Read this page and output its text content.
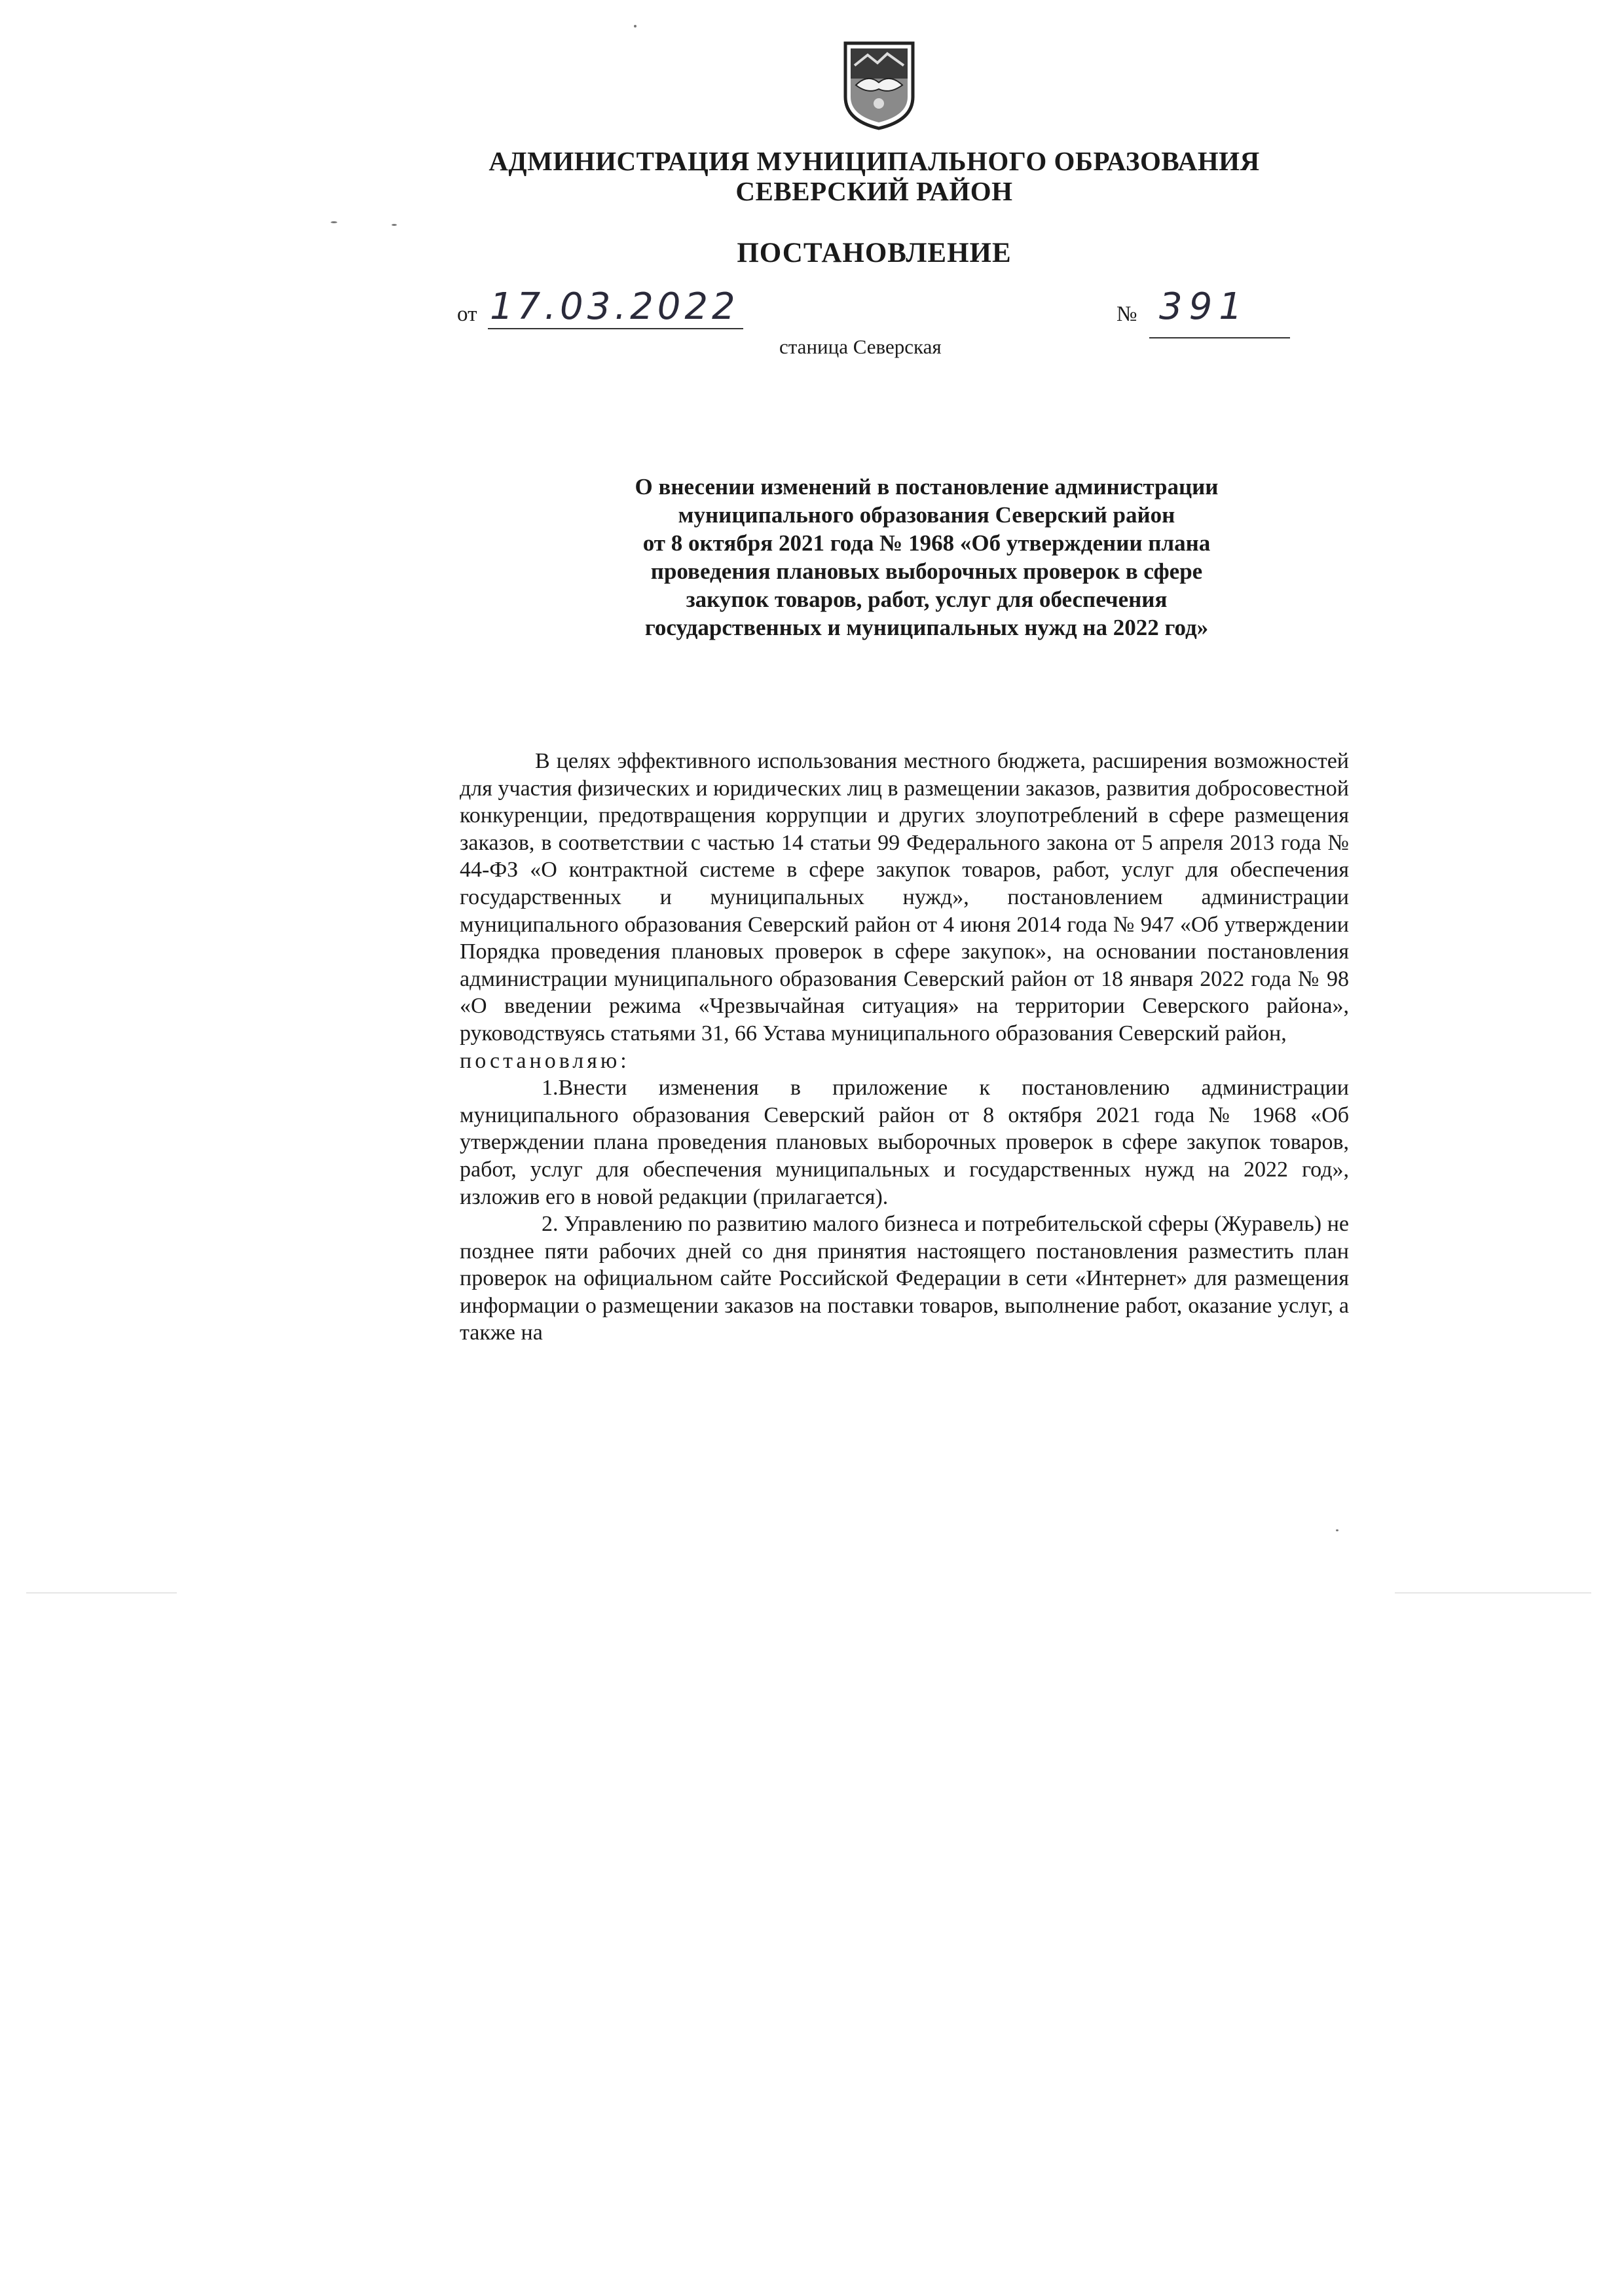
АДМИНИСТРАЦИЯ МУНИЦИПАЛЬНОГО ОБРАЗОВАНИЯ
СЕВЕРСКИЙ РАЙОН
ПОСТАНОВЛЕНИЕ
от 17.03.2022	№ 391
станица Северская
О внесении изменений в постановление администрации
муниципального образования Северский район
от 8 октября 2021 года № 1968 «Об утверждении плана
проведения плановых выборочных проверок в сфере
закупок товаров, работ, услуг для обеспечения
государственных и муниципальных нужд на 2022 год»

В целях эффективного использования местного бюджета, расширения возможностей для участия физических и юридических лиц в размещении заказов, развития добросовестной конкуренции, предотвращения коррупции и других злоупотреблений в сфере размещения заказов, в соответствии с частью 14 статьи 99 Федерального закона от 5 апреля 2013 года № 44-ФЗ «О контрактной системе в сфере закупок товаров, работ, услуг для обеспечения государственных и муниципальных нужд», постановлением администрации муниципального образования Северский район от 4 июня 2014 года № 947 «Об утверждении Порядка проведения плановых проверок в сфере закупок», на основании постановления администрации муниципального образования Северский район от 18 января 2022 года № 98 «О введении режима «Чрезвычайная ситуация» на территории Северского района», руководствуясь статьями 31, 66 Устава муниципального образования Северский район,

постановляю:

1.Внести изменения в приложение к постановлению администрации муниципального образования Северский район от 8 октября 2021 года № 1968 «Об утверждении плана проведения плановых выборочных проверок в сфере закупок товаров, работ, услуг для обеспечения муниципальных и государственных нужд на 2022 год», изложив его в новой редакции (прилагается).

2. Управлению по развитию малого бизнеса и потребительской сферы (Журавель) не позднее пяти рабочих дней со дня принятия настоящего постановления разместить план проверок на официальном сайте Российской Федерации в сети «Интернет» для размещения информации о размещении заказов на поставки товаров, выполнение работ, оказание услуг, а также на
